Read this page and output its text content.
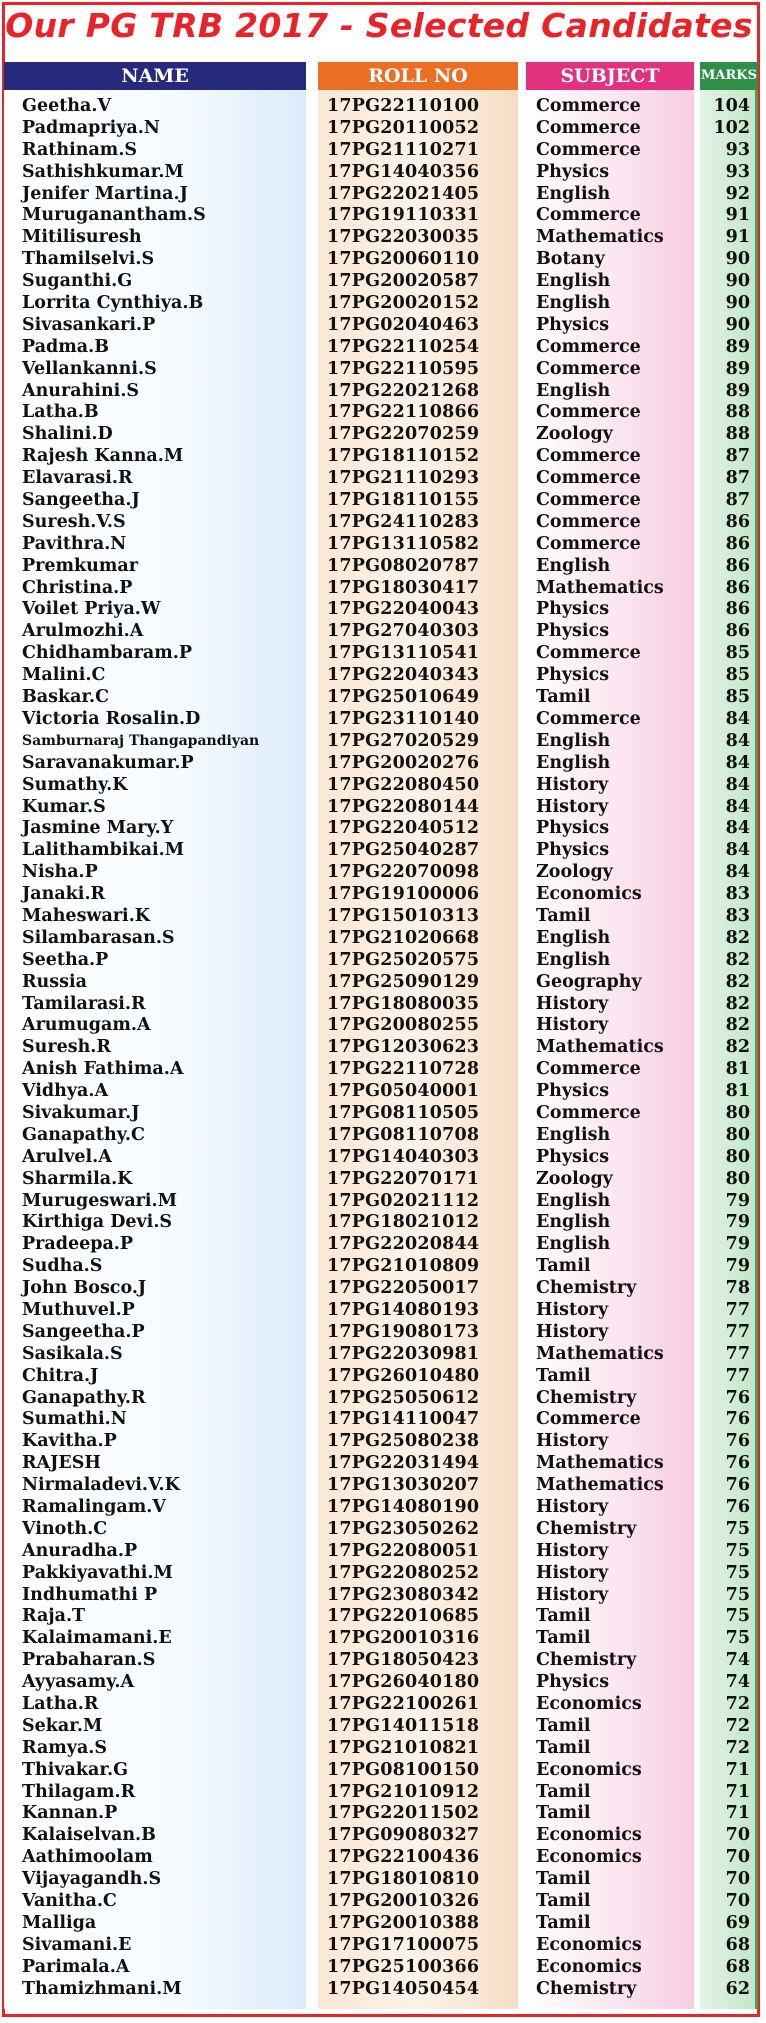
Our PG TRB 2017 - Selected Candidates
NAME	ROLL NO	SUBJECT	MARKS
Geetha.V	17PG22110100	Commerce	104
Padmapriya.N	17PG20110052	Commerce	102
Rathinam.S	17PG21110271	Commerce	93
Sathishkumar.M	17PG14040356	Physics	93
Jenifer Martina.J	17PG22021405	English	92
Muruganantham.S	17PG19110331	Commerce	91
Mitilisuresh	17PG22030035	Mathematics	91
Thamilselvi.S	17PG20060110	Botany	90
Suganthi.G	17PG20020587	English	90
Lorrita Cynthiya.B	17PG20020152	English	90
Sivasankari.P	17PG02040463	Physics	90
Padma.B	17PG22110254	Commerce	89
Vellankanni.S	17PG22110595	Commerce	89
Anurahini.S	17PG22021268	English	89
Latha.B	17PG22110866	Commerce	88
Shalini.D	17PG22070259	Zoology	88
Rajesh Kanna.M	17PG18110152	Commerce	87
Elavarasi.R	17PG21110293	Commerce	87
Sangeetha.J	17PG18110155	Commerce	87
Suresh.V.S	17PG24110283	Commerce	86
Pavithra.N	17PG13110582	Commerce	86
Premkumar	17PG08020787	English	86
Christina.P	17PG18030417	Mathematics	86
Voilet Priya.W	17PG22040043	Physics	86
Arulmozhi.A	17PG27040303	Physics	86
Chidhambaram.P	17PG13110541	Commerce	85
Malini.C	17PG22040343	Physics	85
Baskar.C	17PG25010649	Tamil	85
Victoria Rosalin.D	17PG23110140	Commerce	84
Samburnaraj Thangapandiyan	17PG27020529	English	84
Saravanakumar.P	17PG20020276	English	84
Sumathy.K	17PG22080450	History	84
Kumar.S	17PG22080144	History	84
Jasmine Mary.Y	17PG22040512	Physics	84
Lalithambikai.M	17PG25040287	Physics	84
Nisha.P	17PG22070098	Zoology	84
Janaki.R	17PG19100006	Economics	83
Maheswari.K	17PG15010313	Tamil	83
Silambarasan.S	17PG21020668	English	82
Seetha.P	17PG25020575	English	82
Russia	17PG25090129	Geography	82
Tamilarasi.R	17PG18080035	History	82
Arumugam.A	17PG20080255	History	82
Suresh.R	17PG12030623	Mathematics	82
Anish Fathima.A	17PG22110728	Commerce	81
Vidhya.A	17PG05040001	Physics	81
Sivakumar.J	17PG08110505	Commerce	80
Ganapathy.C	17PG08110708	English	80
Arulvel.A	17PG14040303	Physics	80
Sharmila.K	17PG22070171	Zoology	80
Murugeswari.M	17PG02021112	English	79
Kirthiga Devi.S	17PG18021012	English	79
Pradeepa.P	17PG22020844	English	79
Sudha.S	17PG21010809	Tamil	79
John Bosco.J	17PG22050017	Chemistry	78
Muthuvel.P	17PG14080193	History	77
Sangeetha.P	17PG19080173	History	77
Sasikala.S	17PG22030981	Mathematics	77
Chitra.J	17PG26010480	Tamil	77
Ganapathy.R	17PG25050612	Chemistry	76
Sumathi.N	17PG14110047	Commerce	76
Kavitha.P	17PG25080238	History	76
RAJESH	17PG22031494	Mathematics	76
Nirmaladevi.V.K	17PG13030207	Mathematics	76
Ramalingam.V	17PG14080190	History	76
Vinoth.C	17PG23050262	Chemistry	75
Anuradha.P	17PG22080051	History	75
Pakkiyavathi.M	17PG22080252	History	75
Indhumathi P	17PG23080342	History	75
Raja.T	17PG22010685	Tamil	75
Kalaimamani.E	17PG20010316	Tamil	75
Prabaharan.S	17PG18050423	Chemistry	74
Ayyasamy.A	17PG26040180	Physics	74
Latha.R	17PG22100261	Economics	72
Sekar.M	17PG14011518	Tamil	72
Ramya.S	17PG21010821	Tamil	72
Thivakar.G	17PG08100150	Economics	71
Thilagam.R	17PG21010912	Tamil	71
Kannan.P	17PG22011502	Tamil	71
Kalaiselvan.B	17PG09080327	Economics	70
Aathimoolam	17PG22100436	Economics	70
Vijayagandh.S	17PG18010810	Tamil	70
Vanitha.C	17PG20010326	Tamil	70
Malliga	17PG20010388	Tamil	69
Sivamani.E	17PG17100075	Economics	68
Parimala.A	17PG25100366	Economics	68
Thamizhmani.M	17PG14050454	Chemistry	62
